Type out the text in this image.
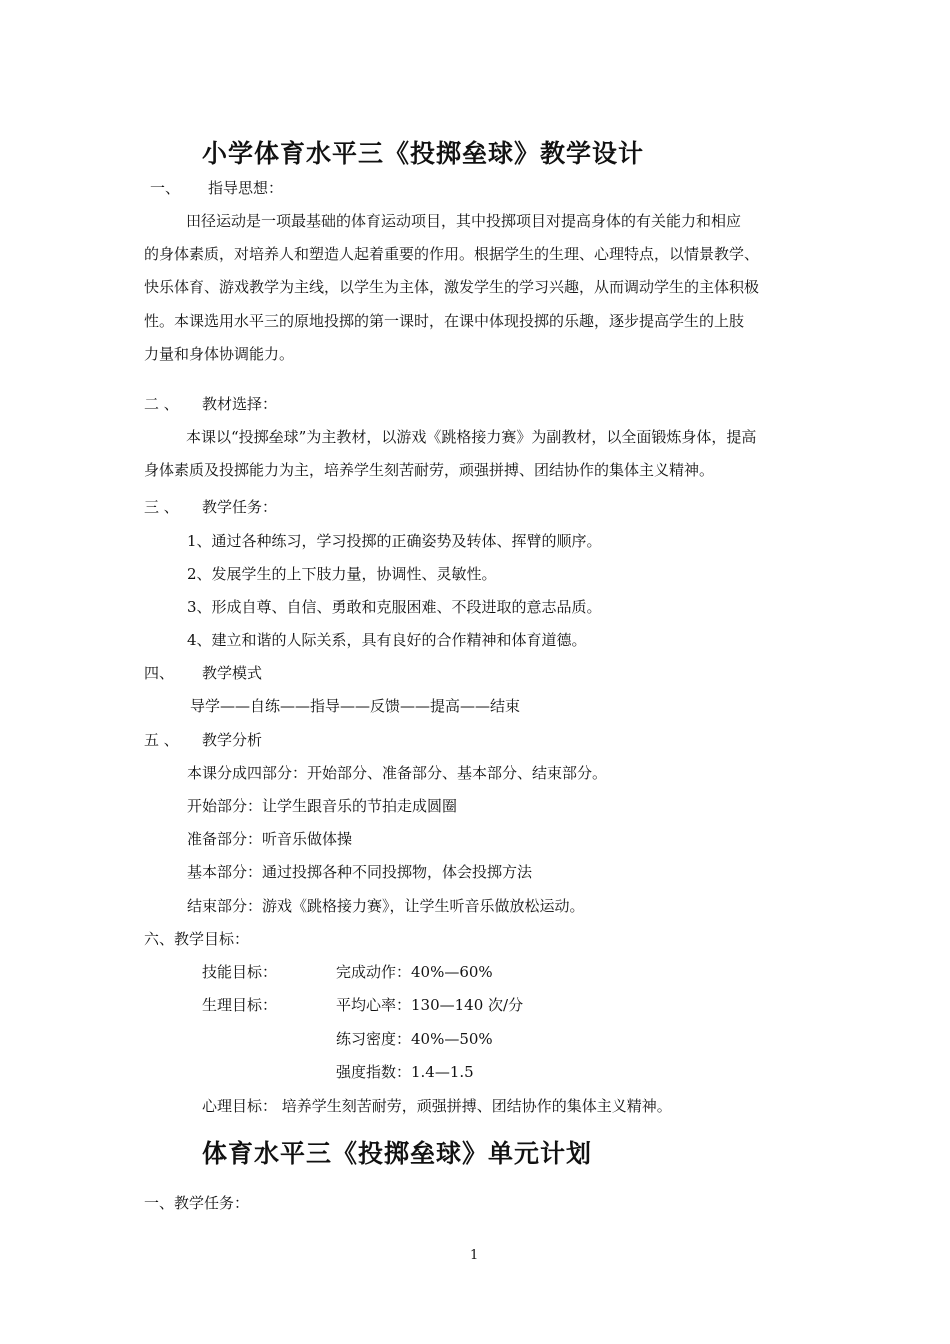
小学体育水平三《投掷垒球》教学设计
一、 指导思想：
田径运动是一项最基础的体育运动项目，其中投掷项目对提高身体的有关能力和相应
的身体素质，对培养人和塑造人起着重要的作用。根据学生的生理、心理特点，以情景教学、
快乐体育、游戏教学为主线，以学生为主体，激发学生的学习兴趣，从而调动学生的主体积极
性。本课选用水平三的原地投掷的第一课时，在课中体现投掷的乐趣，逐步提高学生的上肢
力量和身体协调能力。
二 、 教材选择：
本课以“投掷垒球”为主教材，以游戏《跳格接力赛》为副教材，以全面锻炼身体，提高
身体素质及投掷能力为主，培养学生刻苦耐劳，顽强拼搏、团结协作的集体主义精神。
三 、 教学任务：
1、通过各种练习，学习投掷的正确姿势及转体、挥臂的顺序。
2、发展学生的上下肢力量，协调性、灵敏性。
3、形成自尊、自信、勇敢和克服困难、不段进取的意志品质。
4、建立和谐的人际关系，具有良好的合作精神和体育道德。
四、 教学模式
导学——自练——指导——反馈——提高——结束
五 、 教学分析
本课分成四部分：开始部分、准备部分、基本部分、结束部分。
开始部分：让学生跟音乐的节拍走成圆圈
准备部分：听音乐做体操
基本部分：通过投掷各种不同投掷物，体会投掷方法
结束部分：游戏《跳格接力赛》，让学生听音乐做放松运动。
六、教学目标：
技能目标：	完成动作：40%—60%
生理目标：	平均心率：130—140 次/分
练习密度：40%—50%
强度指数：1.4—1.5
心理目标： 培养学生刻苦耐劳，顽强拼搏、团结协作的集体主义精神。
体育水平三《投掷垒球》单元计划
一、教学任务：
1
